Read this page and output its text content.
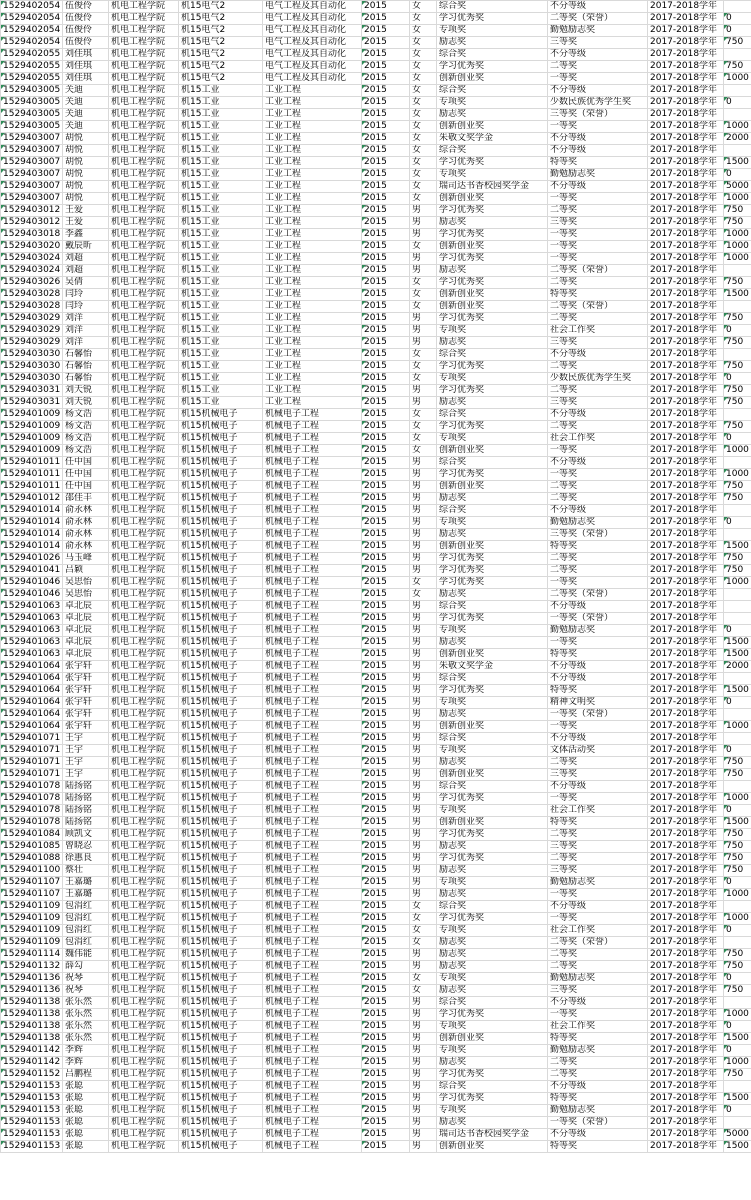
1529402054	伍俊伶	机电工程学院	机15电气2	电气工程及其自动化	2015	女	综合奖	不分等级	2017-2018学年	
1529402054	伍俊伶	机电工程学院	机15电气2	电气工程及其自动化	2015	女	学习优秀奖	二等奖（荣誉）	2017-2018学年	0
1529402054	伍俊伶	机电工程学院	机15电气2	电气工程及其自动化	2015	女	专项奖	勤勉励志奖	2017-2018学年	0
1529402054	伍俊伶	机电工程学院	机15电气2	电气工程及其自动化	2015	女	励志奖	三等奖	2017-2018学年	750
1529402055	刘佳琪	机电工程学院	机15电气2	电气工程及其自动化	2015	女	综合奖	不分等级	2017-2018学年	
1529402055	刘佳琪	机电工程学院	机15电气2	电气工程及其自动化	2015	女	学习优秀奖	二等奖	2017-2018学年	750
1529402055	刘佳琪	机电工程学院	机15电气2	电气工程及其自动化	2015	女	创新创业奖	一等奖	2017-2018学年	1000
1529403005	关迪	机电工程学院	机15工业	工业工程	2015	女	综合奖	不分等级	2017-2018学年	
1529403005	关迪	机电工程学院	机15工业	工业工程	2015	女	专项奖	少数民族优秀学生奖	2017-2018学年	0
1529403005	关迪	机电工程学院	机15工业	工业工程	2015	女	励志奖	三等奖（荣誉）	2017-2018学年	
1529403005	关迪	机电工程学院	机15工业	工业工程	2015	女	创新创业奖	一等奖	2017-2018学年	1000
1529403007	胡悦	机电工程学院	机15工业	工业工程	2015	女	朱敬文奖学金	不分等级	2017-2018学年	2000
1529403007	胡悦	机电工程学院	机15工业	工业工程	2015	女	综合奖	不分等级	2017-2018学年	
1529403007	胡悦	机电工程学院	机15工业	工业工程	2015	女	学习优秀奖	特等奖	2017-2018学年	1500
1529403007	胡悦	机电工程学院	机15工业	工业工程	2015	女	专项奖	勤勉励志奖	2017-2018学年	0
1529403007	胡悦	机电工程学院	机15工业	工业工程	2015	女	瑞司达书香校园奖学金	不分等级	2017-2018学年	5000
1529403007	胡悦	机电工程学院	机15工业	工业工程	2015	女	创新创业奖	一等奖	2017-2018学年	1000
1529403012	王爱	机电工程学院	机15工业	工业工程	2015	男	学习优秀奖	二等奖	2017-2018学年	750
1529403012	王爱	机电工程学院	机15工业	工业工程	2015	男	励志奖	三等奖	2017-2018学年	750
1529403018	李鑫	机电工程学院	机15工业	工业工程	2015	男	学习优秀奖	一等奖	2017-2018学年	1000
1529403020	戴辰昕	机电工程学院	机15工业	工业工程	2015	女	创新创业奖	一等奖	2017-2018学年	1000
1529403024	刘超	机电工程学院	机15工业	工业工程	2015	男	学习优秀奖	一等奖	2017-2018学年	1000
1529403024	刘超	机电工程学院	机15工业	工业工程	2015	男	励志奖	二等奖（荣誉）	2017-2018学年	
1529403026	吴倩	机电工程学院	机15工业	工业工程	2015	女	学习优秀奖	二等奖	2017-2018学年	750
1529403028	闫玲	机电工程学院	机15工业	工业工程	2015	女	创新创业奖	特等奖	2017-2018学年	1500
1529403028	闫玲	机电工程学院	机15工业	工业工程	2015	女	创新创业奖	二等奖（荣誉）	2017-2018学年	
1529403029	刘洋	机电工程学院	机15工业	工业工程	2015	男	学习优秀奖	二等奖	2017-2018学年	750
1529403029	刘洋	机电工程学院	机15工业	工业工程	2015	男	专项奖	社会工作奖	2017-2018学年	0
1529403029	刘洋	机电工程学院	机15工业	工业工程	2015	男	励志奖	三等奖	2017-2018学年	750
1529403030	石馨怡	机电工程学院	机15工业	工业工程	2015	女	综合奖	不分等级	2017-2018学年	
1529403030	石馨怡	机电工程学院	机15工业	工业工程	2015	女	学习优秀奖	二等奖	2017-2018学年	750
1529403030	石馨怡	机电工程学院	机15工业	工业工程	2015	女	专项奖	少数民族优秀学生奖	2017-2018学年	0
1529403031	刘天锐	机电工程学院	机15工业	工业工程	2015	男	学习优秀奖	二等奖	2017-2018学年	750
1529403031	刘天锐	机电工程学院	机15工业	工业工程	2015	男	励志奖	三等奖	2017-2018学年	750
1529401009	杨文浩	机电工程学院	机15机械电子	机械电子工程	2015	女	综合奖	不分等级	2017-2018学年	
1529401009	杨文浩	机电工程学院	机15机械电子	机械电子工程	2015	女	学习优秀奖	二等奖	2017-2018学年	750
1529401009	杨文浩	机电工程学院	机15机械电子	机械电子工程	2015	女	专项奖	社会工作奖	2017-2018学年	0
1529401009	杨文浩	机电工程学院	机15机械电子	机械电子工程	2015	女	创新创业奖	一等奖	2017-2018学年	1000
1529401011	任中国	机电工程学院	机15机械电子	机械电子工程	2015	男	综合奖	不分等级	2017-2018学年	
1529401011	任中国	机电工程学院	机15机械电子	机械电子工程	2015	男	学习优秀奖	一等奖	2017-2018学年	1000
1529401011	任中国	机电工程学院	机15机械电子	机械电子工程	2015	男	创新创业奖	二等奖	2017-2018学年	750
1529401012	邵佳丰	机电工程学院	机15机械电子	机械电子工程	2015	男	励志奖	二等奖	2017-2018学年	750
1529401014	俞永林	机电工程学院	机15机械电子	机械电子工程	2015	男	综合奖	不分等级	2017-2018学年	
1529401014	俞永林	机电工程学院	机15机械电子	机械电子工程	2015	男	专项奖	勤勉励志奖	2017-2018学年	0
1529401014	俞永林	机电工程学院	机15机械电子	机械电子工程	2015	男	励志奖	三等奖（荣誉）	2017-2018学年	
1529401014	俞永林	机电工程学院	机15机械电子	机械电子工程	2015	男	创新创业奖	特等奖	2017-2018学年	1500
1529401026	马玉峰	机电工程学院	机15机械电子	机械电子工程	2015	男	学习优秀奖	二等奖	2017-2018学年	750
1529401041	吕颖	机电工程学院	机15机械电子	机械电子工程	2015	男	学习优秀奖	二等奖	2017-2018学年	750
1529401046	吴思怡	机电工程学院	机15机械电子	机械电子工程	2015	女	学习优秀奖	一等奖	2017-2018学年	1000
1529401046	吴思怡	机电工程学院	机15机械电子	机械电子工程	2015	女	励志奖	二等奖（荣誉）	2017-2018学年	
1529401063	卓北辰	机电工程学院	机15机械电子	机械电子工程	2015	男	综合奖	不分等级	2017-2018学年	
1529401063	卓北辰	机电工程学院	机15机械电子	机械电子工程	2015	男	学习优秀奖	一等奖（荣誉）	2017-2018学年	
1529401063	卓北辰	机电工程学院	机15机械电子	机械电子工程	2015	男	专项奖	勤勉励志奖	2017-2018学年	0
1529401063	卓北辰	机电工程学院	机15机械电子	机械电子工程	2015	男	励志奖	一等奖	2017-2018学年	1500
1529401063	卓北辰	机电工程学院	机15机械电子	机械电子工程	2015	男	创新创业奖	特等奖	2017-2018学年	1500
1529401064	张宇轩	机电工程学院	机15机械电子	机械电子工程	2015	男	朱敬文奖学金	不分等级	2017-2018学年	2000
1529401064	张宇轩	机电工程学院	机15机械电子	机械电子工程	2015	男	综合奖	不分等级	2017-2018学年	
1529401064	张宇轩	机电工程学院	机15机械电子	机械电子工程	2015	男	学习优秀奖	特等奖	2017-2018学年	1500
1529401064	张宇轩	机电工程学院	机15机械电子	机械电子工程	2015	男	专项奖	精神文明奖	2017-2018学年	0
1529401064	张宇轩	机电工程学院	机15机械电子	机械电子工程	2015	男	励志奖	一等奖（荣誉）	2017-2018学年	
1529401064	张宇轩	机电工程学院	机15机械电子	机械电子工程	2015	男	创新创业奖	一等奖	2017-2018学年	1000
1529401071	王宇	机电工程学院	机15机械电子	机械电子工程	2015	男	综合奖	不分等级	2017-2018学年	
1529401071	王宇	机电工程学院	机15机械电子	机械电子工程	2015	男	专项奖	文体活动奖	2017-2018学年	0
1529401071	王宇	机电工程学院	机15机械电子	机械电子工程	2015	男	励志奖	二等奖	2017-2018学年	750
1529401071	王宇	机电工程学院	机15机械电子	机械电子工程	2015	男	创新创业奖	三等奖	2017-2018学年	750
1529401078	陆扬铭	机电工程学院	机15机械电子	机械电子工程	2015	男	综合奖	不分等级	2017-2018学年	
1529401078	陆扬铭	机电工程学院	机15机械电子	机械电子工程	2015	男	学习优秀奖	一等奖	2017-2018学年	1000
1529401078	陆扬铭	机电工程学院	机15机械电子	机械电子工程	2015	男	专项奖	社会工作奖	2017-2018学年	0
1529401078	陆扬铭	机电工程学院	机15机械电子	机械电子工程	2015	男	创新创业奖	特等奖	2017-2018学年	1500
1529401084	顾凯文	机电工程学院	机15机械电子	机械电子工程	2015	男	学习优秀奖	二等奖	2017-2018学年	750
1529401085	曾晓忍	机电工程学院	机15机械电子	机械电子工程	2015	男	励志奖	三等奖	2017-2018学年	750
1529401088	徐惠良	机电工程学院	机15机械电子	机械电子工程	2015	男	学习优秀奖	二等奖	2017-2018学年	750
1529401100	蔡壮	机电工程学院	机15机械电子	机械电子工程	2015	男	励志奖	三等奖	2017-2018学年	750
1529401107	王嘉璐	机电工程学院	机15机械电子	机械电子工程	2015	男	专项奖	勤勉励志奖	2017-2018学年	0
1529401107	王嘉璐	机电工程学院	机15机械电子	机械电子工程	2015	男	励志奖	一等奖	2017-2018学年	1000
1529401109	包涓红	机电工程学院	机15机械电子	机械电子工程	2015	女	综合奖	不分等级	2017-2018学年	
1529401109	包涓红	机电工程学院	机15机械电子	机械电子工程	2015	女	学习优秀奖	一等奖	2017-2018学年	1000
1529401109	包涓红	机电工程学院	机15机械电子	机械电子工程	2015	女	专项奖	社会工作奖	2017-2018学年	0
1529401109	包涓红	机电工程学院	机15机械电子	机械电子工程	2015	女	励志奖	二等奖（荣誉）	2017-2018学年	
1529401114	魏伟能	机电工程学院	机15机械电子	机械电子工程	2015	男	励志奖	二等奖	2017-2018学年	750
1529401132	薛勾	机电工程学院	机15机械电子	机械电子工程	2015	男	励志奖	二等奖	2017-2018学年	750
1529401136	祝琴	机电工程学院	机15机械电子	机械电子工程	2015	女	专项奖	勤勉励志奖	2017-2018学年	0
1529401136	祝琴	机电工程学院	机15机械电子	机械电子工程	2015	女	励志奖	三等奖	2017-2018学年	750
1529401138	张乐然	机电工程学院	机15机械电子	机械电子工程	2015	男	综合奖	不分等级	2017-2018学年	
1529401138	张乐然	机电工程学院	机15机械电子	机械电子工程	2015	男	学习优秀奖	一等奖	2017-2018学年	1000
1529401138	张乐然	机电工程学院	机15机械电子	机械电子工程	2015	男	专项奖	社会工作奖	2017-2018学年	0
1529401138	张乐然	机电工程学院	机15机械电子	机械电子工程	2015	男	创新创业奖	特等奖	2017-2018学年	1500
1529401142	李辉	机电工程学院	机15机械电子	机械电子工程	2015	男	专项奖	勤勉励志奖	2017-2018学年	0
1529401142	李辉	机电工程学院	机15机械电子	机械电子工程	2015	男	励志奖	二等奖	2017-2018学年	1000
1529401152	吕鹏程	机电工程学院	机15机械电子	机械电子工程	2015	男	学习优秀奖	二等奖	2017-2018学年	750
1529401153	张聪	机电工程学院	机15机械电子	机械电子工程	2015	男	综合奖	不分等级	2017-2018学年	
1529401153	张聪	机电工程学院	机15机械电子	机械电子工程	2015	男	学习优秀奖	特等奖	2017-2018学年	1500
1529401153	张聪	机电工程学院	机15机械电子	机械电子工程	2015	男	专项奖	勤勉励志奖	2017-2018学年	0
1529401153	张聪	机电工程学院	机15机械电子	机械电子工程	2015	男	励志奖	一等奖（荣誉）	2017-2018学年	
1529401153	张聪	机电工程学院	机15机械电子	机械电子工程	2015	男	瑞司达书香校园奖学金	不分等级	2017-2018学年	5000
1529401153	张聪	机电工程学院	机15机械电子	机械电子工程	2015	男	创新创业奖	特等奖	2017-2018学年	1500
